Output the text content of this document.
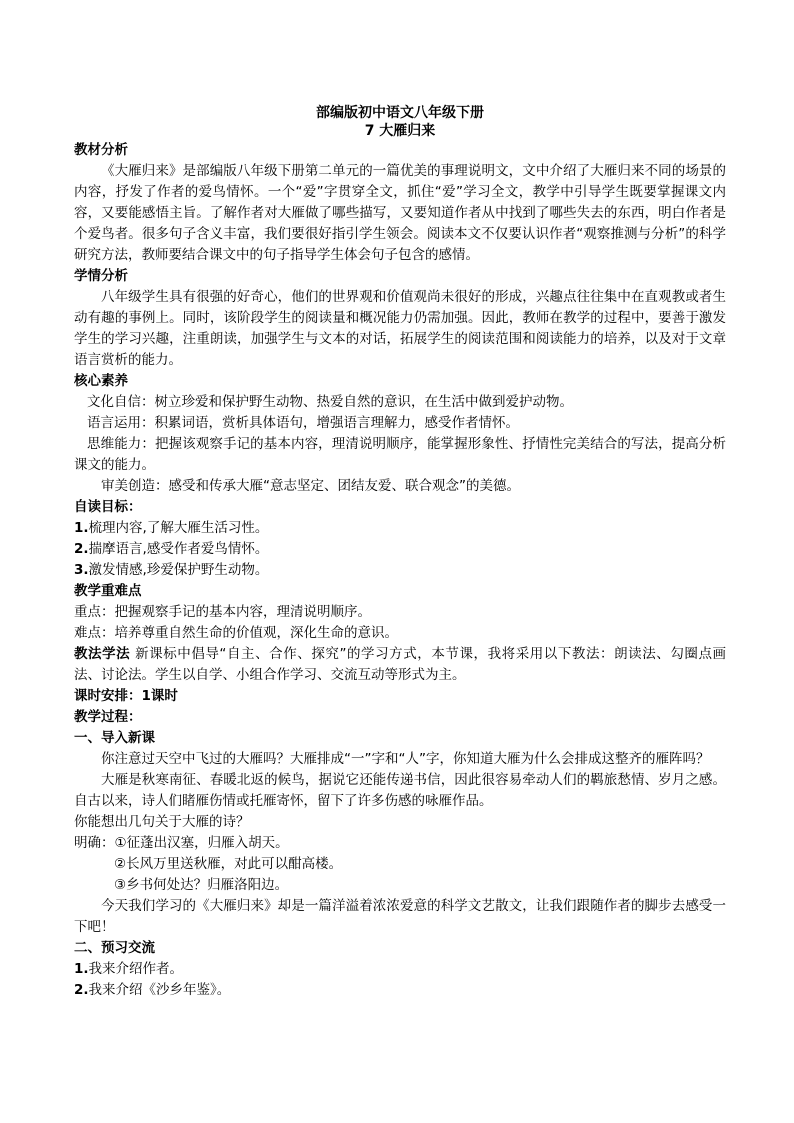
部编版初中语文八年级下册
7 大雁归来
教材分析

《大雁归来》是部编版八年级下册第二单元的一篇优美的事理说明文，文中介绍了大雁归来不同的场景的内容，抒发了作者的爱鸟情怀。一个“爱”字贯穿全文，抓住“爱”学习全文，教学中引导学生既要掌握课文内容，又要能感悟主旨。了解作者对大雁做了哪些描写，又要知道作者从中找到了哪些失去的东西，明白作者是个爱鸟者。很多句子含义丰富，我们要很好指引学生领会。阅读本文不仅要认识作者“观察推测与分析”的科学研究方法，教师要结合课文中的句子指导学生体会句子包含的感情。

学情分析

八年级学生具有很强的好奇心，他们的世界观和价值观尚未很好的形成，兴趣点往往集中在直观教或者生动有趣的事例上。同时，该阶段学生的阅读量和概况能力仍需加强。因此，教师在教学的过程中，要善于激发学生的学习兴趣，注重朗读，加强学生与文本的对话，拓展学生的阅读范围和阅读能力的培养，以及对于文章语言赏析的能力。

核心素养

文化自信：树立珍爱和保护野生动物、热爱自然的意识，在生活中做到爱护动物。

语言运用：积累词语，赏析具体语句，增强语言理解力，感受作者情怀。

思维能力：把握该观察手记的基本内容，理清说明顺序，能掌握形象性、抒情性完美结合的写法，提高分析课文的能力。

审美创造：感受和传承大雁“意志坚定、团结友爱、联合观念”的美德。

自读目标：

1.梳理内容,了解大雁生活习性。

2.揣摩语言,感受作者爱鸟情怀。

3.激发情感,珍爱保护野生动物。

教学重难点

重点：把握观察手记的基本内容，理清说明顺序。

难点：培养尊重自然生命的价值观，深化生命的意识。

教法学法 新课标中倡导“自主、合作、探究”的学习方式，本节课，我将采用以下教法：朗读法、勾圈点画法、讨论法。学生以自学、小组合作学习、交流互动等形式为主。

课时安排：1课时

教学过程：
一、导入新课

你注意过天空中飞过的大雁吗？大雁排成“一”字和“人”字，你知道大雁为什么会排成这整齐的雁阵吗？

大雁是秋寒南征、春暖北返的候鸟，据说它还能传递书信，因此很容易牵动人们的羁旅愁情、岁月之感。自古以来，诗人们睹雁伤情或托雁寄怀，留下了许多伤感的咏雁作品。

你能想出几句关于大雁的诗？

明确：①征蓬出汉塞，归雁入胡天。

②长风万里送秋雁，对此可以酣高楼。

③乡书何处达？归雁洛阳边。

今天我们学习的《大雁归来》却是一篇洋溢着浓浓爱意的科学文艺散文，让我们跟随作者的脚步去感受一下吧！

二、预习交流

1.我来介绍作者。

2.我来介绍《沙乡年鉴》。
